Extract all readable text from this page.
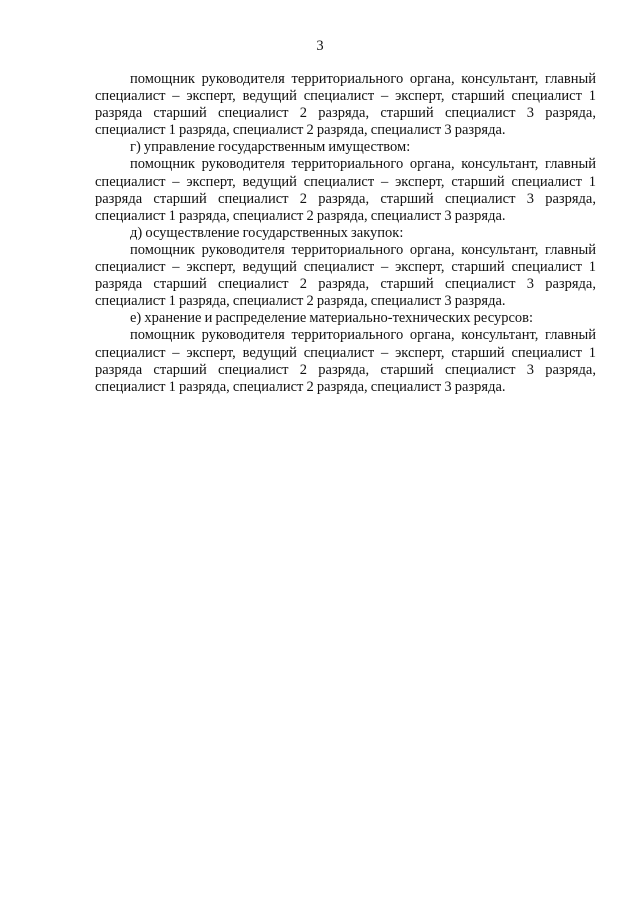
3

помощник руководителя территориального органа, консультант, главный специалист – эксперт, ведущий специалист – эксперт, старший специалист 1 разряда старший специалист 2 разряда, старший специалист 3 разряда, специалист 1 разряда, специалист 2 разряда, специалист 3 разряда.

г) управление государственным имуществом:

помощник руководителя территориального органа, консультант, главный специалист – эксперт, ведущий специалист – эксперт, старший специалист 1 разряда старший специалист 2 разряда, старший специалист 3 разряда, специалист 1 разряда, специалист 2 разряда, специалист 3 разряда.

д) осуществление государственных закупок:

помощник руководителя территориального органа, консультант, главный специалист – эксперт, ведущий специалист – эксперт, старший специалист 1 разряда старший специалист 2 разряда, старший специалист 3 разряда, специалист 1 разряда, специалист 2 разряда, специалист 3 разряда.

е) хранение и распределение материально-технических ресурсов:

помощник руководителя территориального органа, консультант, главный специалист – эксперт, ведущий специалист – эксперт, старший специалист 1 разряда старший специалист 2 разряда, старший специалист 3 разряда, специалист 1 разряда, специалист 2 разряда, специалист 3 разряда.
